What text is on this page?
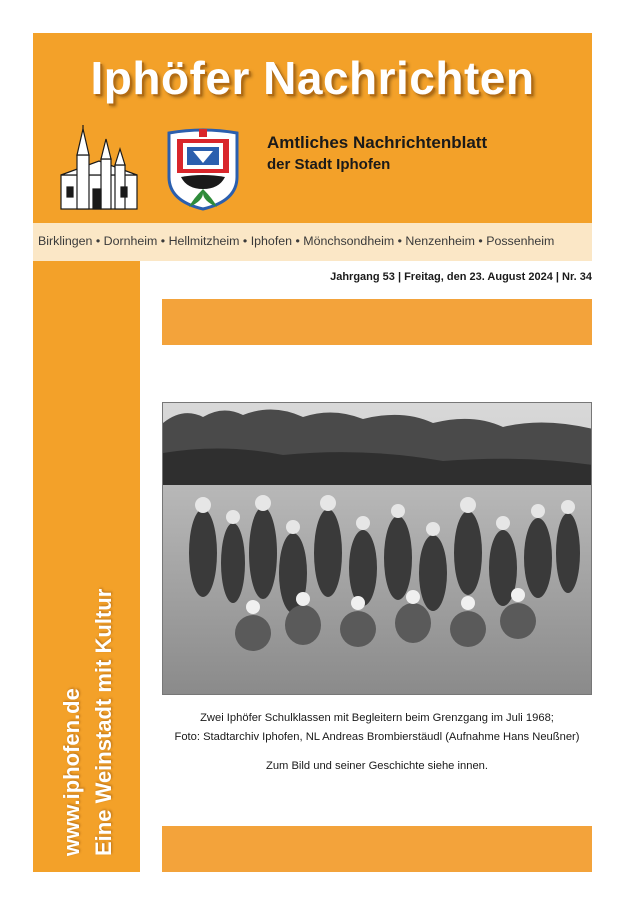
Iphöfer Nachrichten
Amtliches Nachrichtenblatt
der Stadt Iphofen
Birklingen • Dornheim • Hellmitzheim • Iphofen • Mönchsondheim • Nenzenheim • Possenheim
www.iphofen.de Eine Weinstadt mit Kultur
Jahrgang 53 | Freitag, den 23. August 2024 | Nr. 34
Zwei Iphöfer Schulklassen mit Begleitern beim Grenzgang im Juli 1968;
Foto: Stadtarchiv Iphofen, NL Andreas Brombierstäudl (Aufnahme Hans Neußner)
Zum Bild und seiner Geschichte siehe innen.
